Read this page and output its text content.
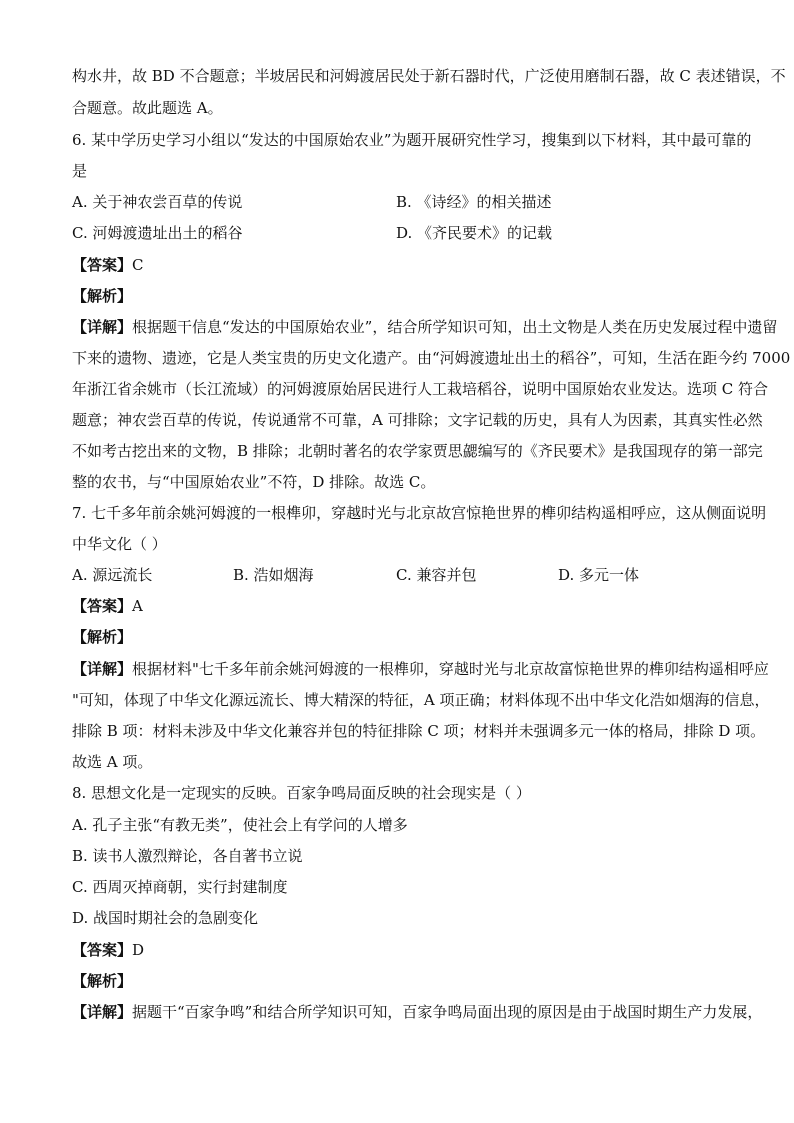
构水井，故 BD 不合题意；半坡居民和河姆渡居民处于新石器时代，广泛使用磨制石器，故 C 表述错误，不
合题意。故此题选 A。
6. 某中学历史学习小组以“发达的中国原始农业”为题开展研究性学习，搜集到以下材料，其中最可靠的
是
A. 关于神农尝百草的传说	B. 《诗经》的相关描述
C. 河姆渡遗址出土的稻谷	D. 《齐民要术》的记载
【答案】C
【解析】
【详解】根据题干信息“发达的中国原始农业”，结合所学知识可知，出土文物是人类在历史发展过程中遗留
下来的遗物、遗迹，它是人类宝贵的历史文化遗产。由“河姆渡遗址出土的稻谷”，可知，生活在距今约 7000
年浙江省余姚市（长江流域）的河姆渡原始居民进行人工栽培稻谷，说明中国原始农业发达。选项 C 符合
题意；神农尝百草的传说，传说通常不可靠，A 可排除；文字记载的历史，具有人为因素，其真实性必然
不如考古挖出来的文物，B 排除；北朝时著名的农学家贾思勰编写的《齐民要术》是我国现存的第一部完
整的农书，与“中国原始农业”不符，D 排除。故选 C。
7. 七千多年前余姚河姆渡的一根榫卯，穿越时光与北京故宫惊艳世界的榫卯结构遥相呼应，这从侧面说明
中华文化（ ）
A. 源远流长	B. 浩如烟海	C. 兼容并包	D. 多元一体
【答案】A
【解析】
【详解】根据材料"七千多年前余姚河姆渡的一根榫卯，穿越时光与北京故富惊艳世界的榫卯结构遥相呼应
"可知，体现了中华文化源远流长、博大精深的特征，A 项正确；材料体现不出中华文化浩如烟海的信息，
排除 B 项：材料未涉及中华文化兼容并包的特征排除 C 项；材料并未强调多元一体的格局，排除 D 项。
故选 A 项。
8. 思想文化是一定现实的反映。百家争鸣局面反映的社会现实是（ ）
A. 孔子主张“有教无类”，使社会上有学问的人增多
B. 读书人激烈辩论，各自著书立说
C. 西周灭掉商朝，实行封建制度
D. 战国时期社会的急剧变化
【答案】D
【解析】
【详解】据题干“百家争鸣”和结合所学知识可知，百家争鸣局面出现的原因是由于战国时期生产力发展，
